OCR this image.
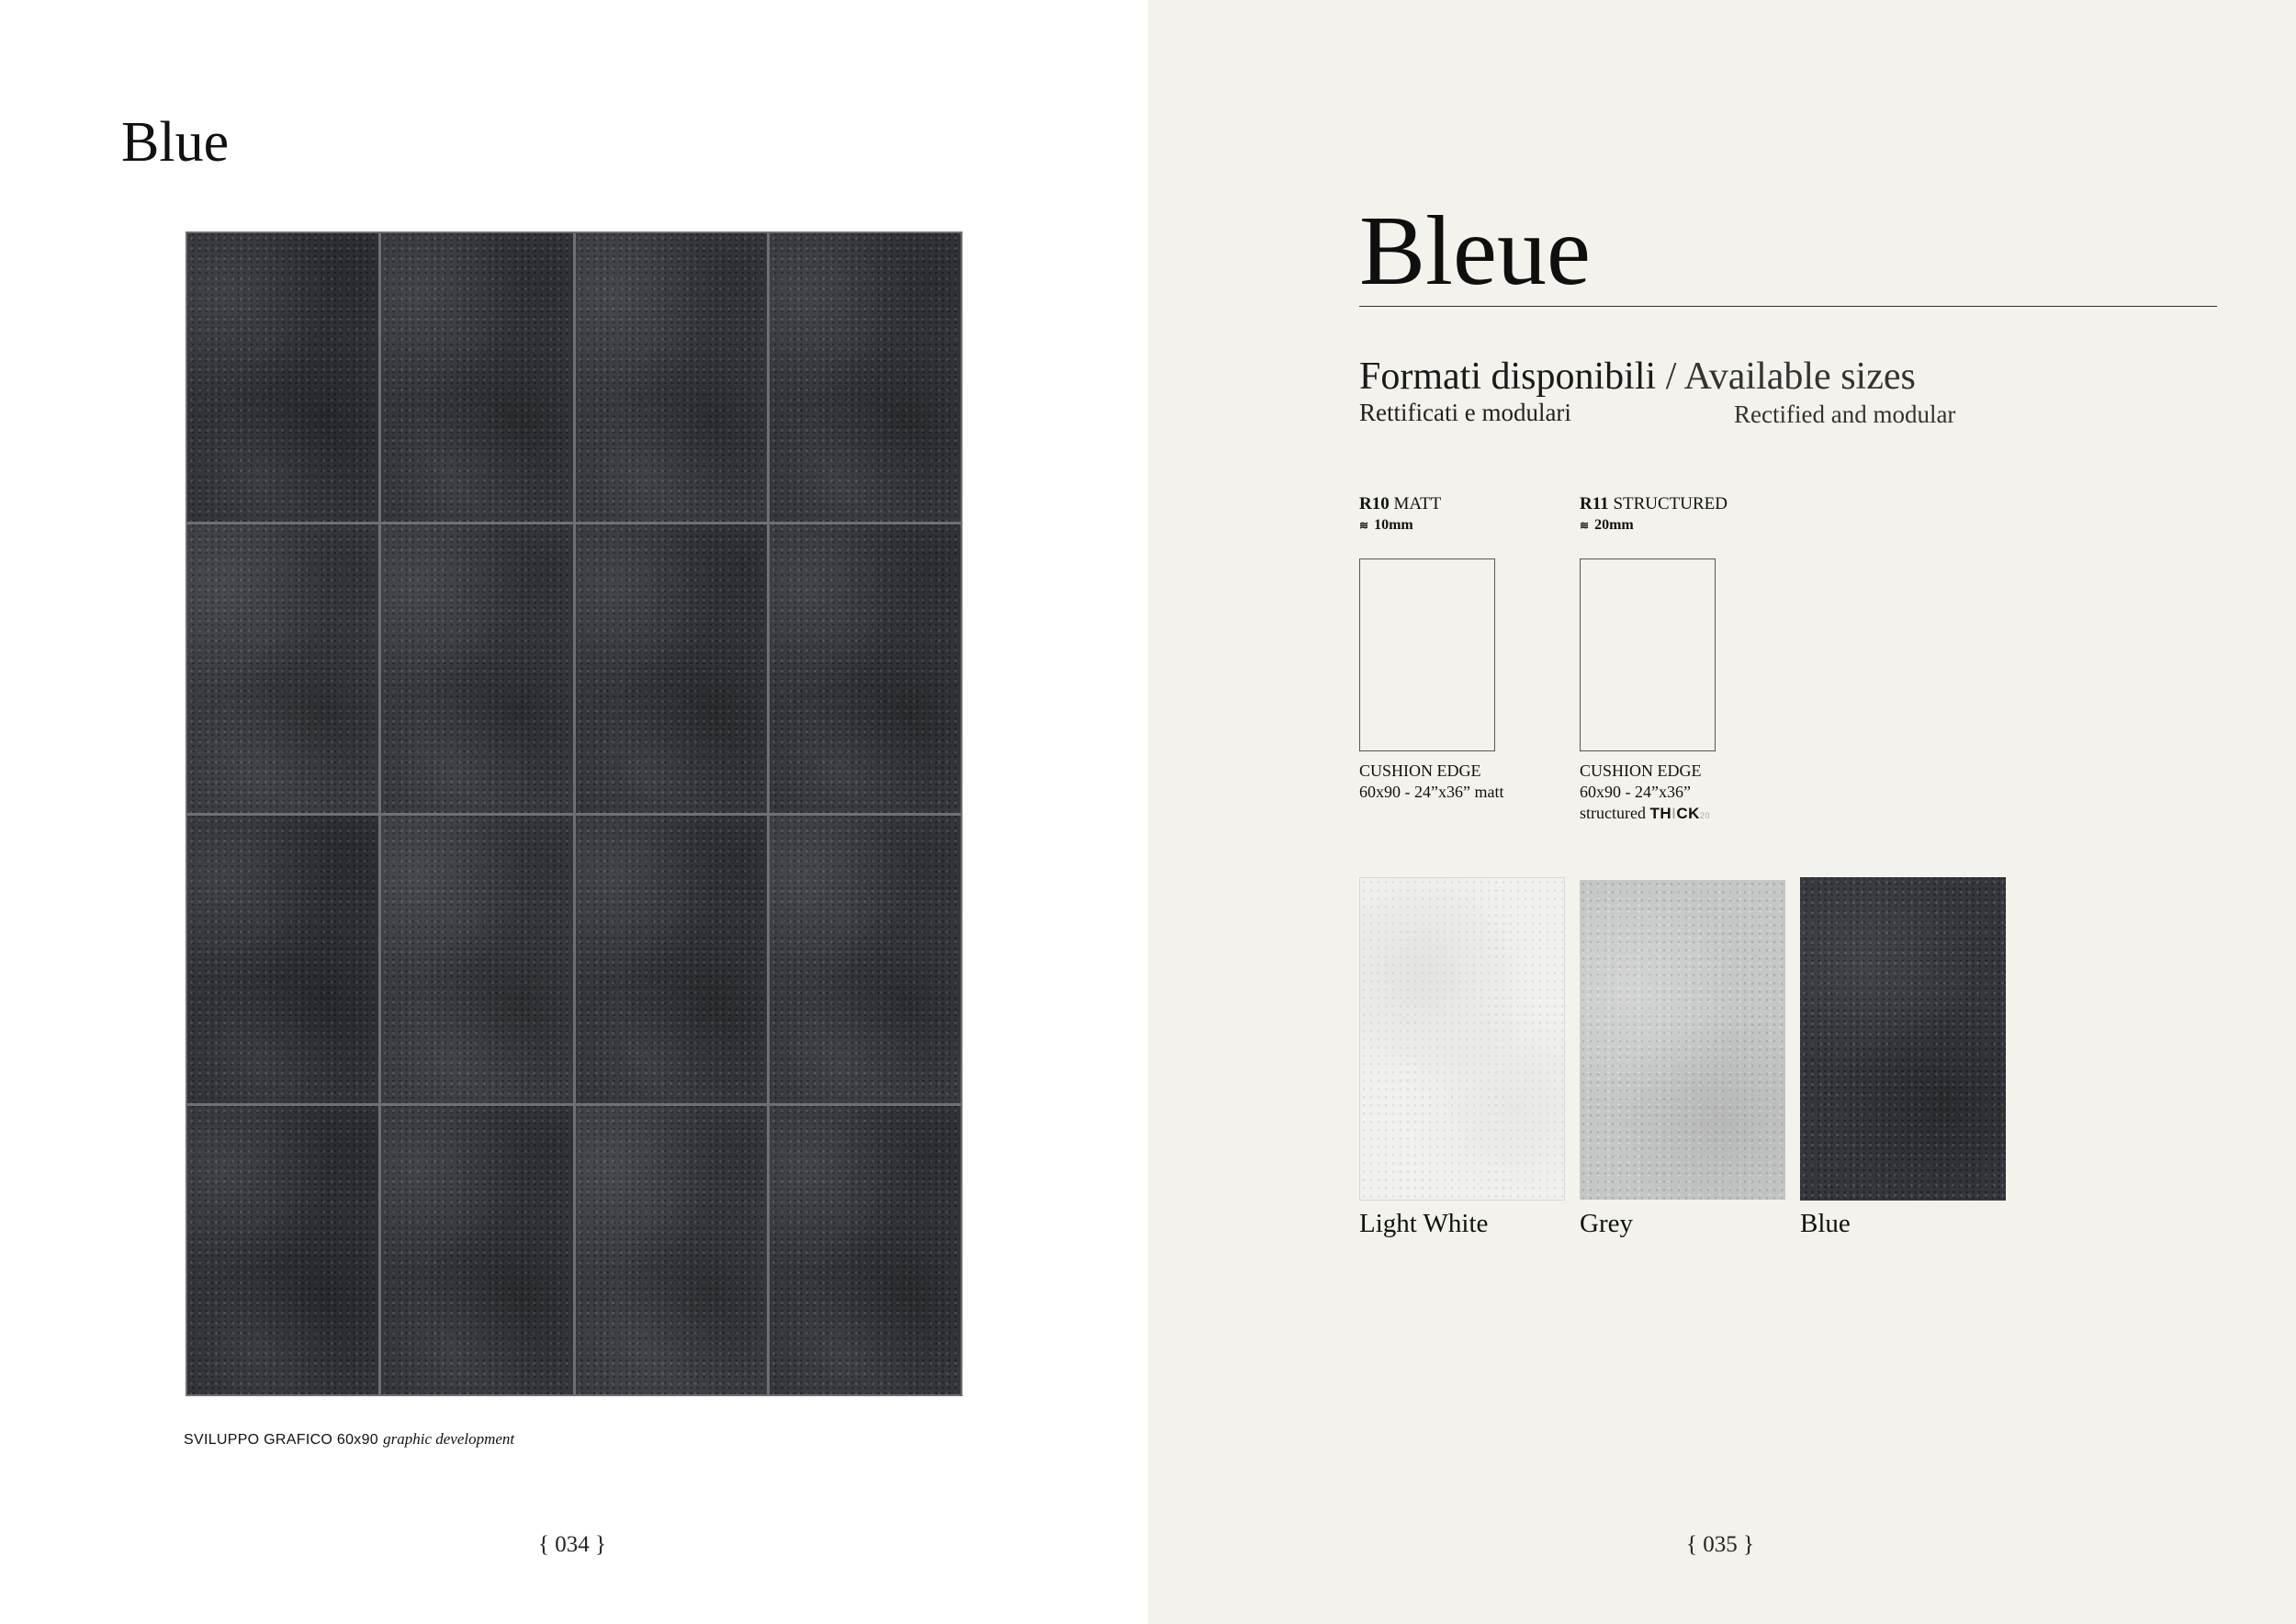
Blue
SVILUPPO GRAFICO 60x90 graphic development
{ 034 }
Bleue
Formati disponibili / Available sizes
Rettificati e modulari	Rectified and modular
R10 MATT
≋ 10mm
CUSHION EDGE
60x90 - 24”x36” matt
R11 STRUCTURED
≋ 20mm
CUSHION EDGE
60x90 - 24”x36”
structured THICK20
Light White	Grey	Blue
{ 035 }
